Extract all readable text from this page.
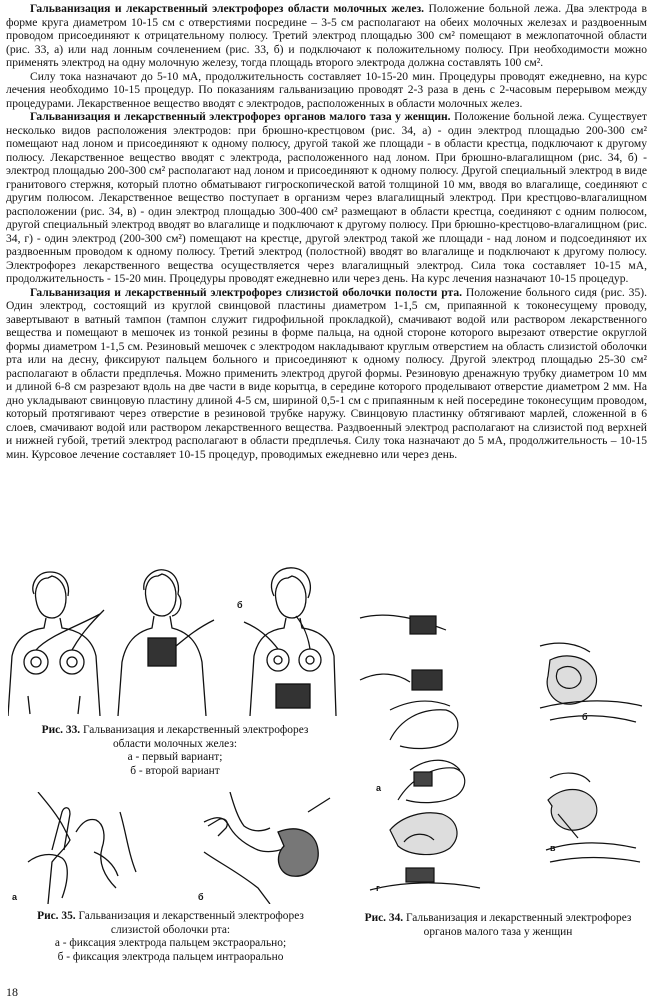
Гальванизация и лекарственный электрофорез области молочных желез. Положение больной лежа. Два электрода в форме круга диаметром 10-15 см с отверстиями посредине – 3-5 см располагают на обеих молочных железах и раздвоенным проводом присоединяют к отрицательному полюсу. Третий электрод площадью 300 см² помещают в межлопаточной области (рис. 33, а) или над лонным сочленением (рис. 33, б) и подключают к положительному полюсу. При необходимости можно применять электрод на одну молочную железу, тогда площадь второго электрода должна составлять 100 см².

Силу тока назначают до 5-10 мА, продолжительность составляет 10-15-20 мин. Процедуры проводят ежедневно, на курс лечения необходимо 10-15 процедур. По показаниям гальванизацию проводят 2-3 раза в день с 2-часовым перерывом между процедурами. Лекарственное вещество вводят с электродов, расположенных в области молочных желез.

Гальванизация и лекарственный электрофорез органов малого таза у женщин. Положение больной лежа. Существует несколько видов расположения электродов: при брюшно-крестцовом (рис. 34, а) - один электрод площадью 200-300 см² помещают над лоном и присоединяют к одному полюсу, другой такой же площади - в области крестца, подключают к другому полюсу. Лекарственное вещество вводят с электрода, расположенного над лоном. При брюшно-влагалищном (рис. 34, б) - электрод площадью 200-300 см² располагают над лоном и присоединяют к одному полюсу. Другой специальный электрод в виде гранитового стержня, который плотно обматывают гигроскопической ватой толщиной 10 мм, вводя во влагалище, соединяют с другим полюсом. Лекарственное вещество поступает в организм через влагалищный электрод. При крестцово-влагалищном расположении (рис. 34, в) - один электрод площадью 300-400 см² размещают в области крестца, соединяют с одним полюсом, другой специальный электрод вводят во влагалище и подключают к другому полюсу. При брюшно-крестцово-влагалищном (рис. 34, г) - один электрод (200-300 см²) помещают на крестце, другой электрод такой же площади - над лоном и подсоединяют их раздвоенным проводом к одному полюсу. Третий электрод (полостной) вводят во влагалище и подключают к другому полюсу. Электрофорез лекарственного вещества осуществляется через влагалищный электрод. Сила тока составляет 10-15 мА, продолжительность - 15-20 мин. Процедуры проводят ежедневно или через день. На курс лечения назначают 10-15 процедур.

Гальванизация и лекарственный электрофорез слизистой оболочки полости рта. Положение больного сидя (рис. 35). Один электрод, состоящий из круглой свинцовой пластины диаметром 1-1,5 см, припаянной к токонесущему проводу, завертывают в ватный тампон (тампон служит гидрофильной прокладкой), смачивают водой или раствором лекарственного вещества и помещают в мешочек из тонкой резины в форме пальца, на одной стороне которого вырезают отверстие округлой формы диаметром 1-1,5 см. Резиновый мешочек с электродом накладывают круглым отверстием на область слизистой оболочки рта или на десну, фиксируют пальцем больного и присоединяют к одному полюсу. Другой электрод площадью 25-30 см² располагают в области предплечья. Можно применить электрод другой формы. Резиновую дренажную трубку диаметром 10 мм и длиной 6-8 см разрезают вдоль на две части в виде корытца, в середине которого проделывают отверстие диаметром 2 мм. На дно укладывают свинцовую пластину длиной 4-5 см, шириной 0,5-1 см с припаянным к ней посередине токонесущим проводом, который протягивают через отверстие в резиновой трубке наружу. Свинцовую пластинку обтягивают марлей, сложенной в 6 слоев, смачивают водой или раствором лекарственного вещества. Раздвоенный электрод располагают на слизистой под верхней и нижней губой, третий электрод располагают в области предплечья. Силу тока назначают до 5 мА, продолжительность – 10-15 мин. Курсовое лечение составляет 10-15 процедур, проводимых ежедневно или через день.

б
Рис. 33. Гальванизация и лекарственный электрофорез
области молочных желез:
а - первый вариант;
б - второй вариант
а	б
Рис. 35. Гальванизация и лекарственный электрофорез
слизистой оболочки рта:
а - фиксация электрода пальцем экстраорально;
б - фиксация электрода пальцем интраорально
а
б
в
г
Рис. 34. Гальванизация и лекарственный электрофорез
органов малого таза у женщин
18
